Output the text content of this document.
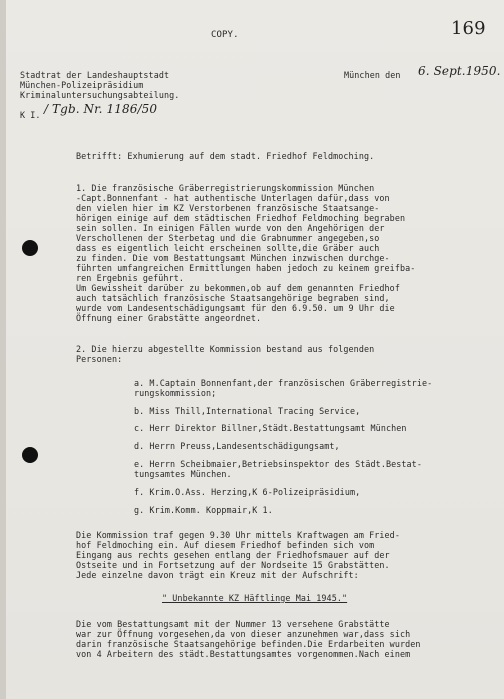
COPY.	169
Stadtrat der Landeshauptstadt
München-Polizeipräsidium
Kriminaluntersuchungsabteilung.
München den 6. Sept.1950.
K I. / Tgb. Nr. 1186/50
Betrifft: Exhumierung auf dem stadt. Friedhof Feldmoching.
1. Die französische Gräberregistrierungskommission München
-Capt.Bonnenfant - hat authentische Unterlagen dafür,dass von
den vielen hier im KZ Verstorbenen französische Staatsange-
hörigen einige auf dem städtischen Friedhof Feldmoching begraben
sein sollen. In einigen Fällen wurde von den Angehörigen der
Verschollenen der Sterbetag und die Grabnummer angegeben,so
dass es eigentlich leicht erscheinen sollte,die Gräber auch
zu finden. Die vom Bestattungsamt München inzwischen durchge-
führten umfangreichen Ermittlungen haben jedoch zu keinem greifba-
ren Ergebnis geführt.
Um Gewissheit darüber zu bekommen,ob auf dem genannten Friedhof
auch tatsächlich französische Staatsangehörige begraben sind,
wurde vom Landesentschädigungsamt für den 6.9.50. um 9 Uhr die
Öffnung einer Grabstätte angeordnet.
2. Die hierzu abgestellte Kommission bestand aus folgenden
Personen:
a. M.Captain Bonnenfant,der französischen Gräberregistrie-
rungskommission;
b. Miss Thill,International Tracing Service,
c. Herr Direktor Billner,Städt.Bestattungsamt München
d. Herrn Preuss,Landesentschädigungsamt,
e. Herrn Scheibmaier,Betriebsinspektor des Städt.Bestat-
tungsamtes München.
f. Krim.O.Ass. Herzing,K 6-Polizeipräsidium,
g. Krim.Komm. Koppmair,K 1.
Die Kommission traf gegen 9.30 Uhr mittels Kraftwagen am Fried-
hof Feldmoching ein. Auf diesem Friedhof befinden sich vom
Eingang aus rechts gesehen entlang der Friedhofsmauer auf der
Ostseite und in Fortsetzung auf der Nordseite 15 Grabstätten.
Jede einzelne davon trägt ein Kreuz mit der Aufschrift:
" Unbekannte KZ Häftlinge Mai 1945."
Die vom Bestattungsamt mit der Nummer 13 versehene Grabstätte
war zur Öffnung vorgesehen,da von dieser anzunehmen war,dass sich
darin französische Staatsangehörige befinden.Die Erdarbeiten wurden
von 4 Arbeitern des städt.Bestattungsamtes vorgenommen.Nach einem
